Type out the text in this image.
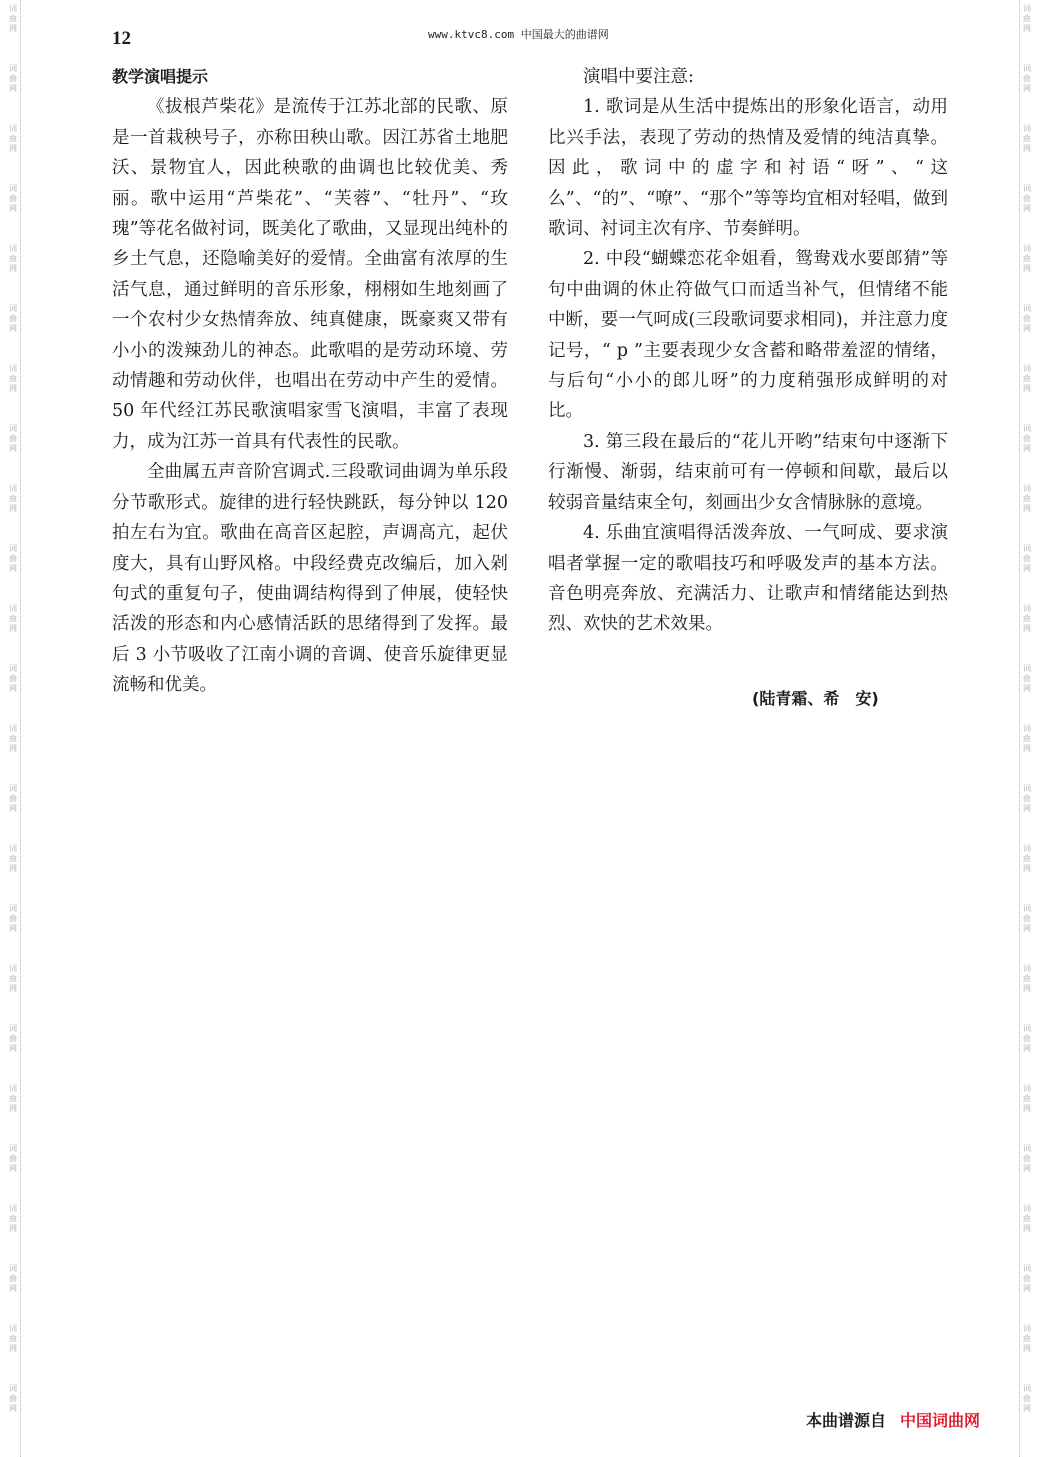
词曲网
词曲网
词曲网
词曲网
词曲网
词曲网
词曲网
词曲网
词曲网
词曲网
词曲网
词曲网
词曲网
词曲网
词曲网
词曲网
词曲网
词曲网
词曲网
词曲网
词曲网
词曲网
词曲网
词曲网
词曲网
词曲网
词曲网
词曲网
词曲网
词曲网
词曲网
词曲网
词曲网
词曲网
词曲网
词曲网
词曲网
词曲网
词曲网
词曲网
词曲网
词曲网
词曲网
词曲网
词曲网
词曲网
词曲网
词曲网
12	www.ktvc8.com 中国最大的曲谱网
教学演唱提示

《拔根芦柴花》是流传于江苏北部的民歌、原是一首栽秧号子，亦称田秧山歌。因江苏省土地肥沃、景物宜人，因此秧歌的曲调也比较优美、秀丽。歌中运用“芦柴花”、“芙蓉”、“牡丹”、“玫瑰”等花名做衬词，既美化了歌曲，又显现出纯朴的乡土气息，还隐喻美好的爱情。全曲富有浓厚的生活气息，通过鲜明的音乐形象，栩栩如生地刻画了一个农村少女热情奔放、纯真健康，既豪爽又带有小小的泼辣劲儿的神态。此歌唱的是劳动环境、劳动情趣和劳动伙伴，也唱出在劳动中产生的爱情。 50 年代经江苏民歌演唱家雪飞演唱，丰富了表现力，成为江苏一首具有代表性的民歌。

全曲属五声音阶宫调式.三段歌词曲调为单乐段分节歌形式。旋律的进行轻快跳跃，每分钟以 120 拍左右为宜。歌曲在高音区起腔，声调高亢，起伏度大，具有山野风格。中段经费克改编后，加入剁句式的重复句子，使曲调结构得到了伸展，使轻快活泼的形态和内心感情活跃的思绪得到了发挥。最后 3 小节吸收了江南小调的音调、使音乐旋律更显流畅和优美。

演唱中要注意:

1. 歌词是从生活中提炼出的形象化语言，动用比兴手法，表现了劳动的热情及爱情的纯洁真挚。因此，歌词中的虚字和衬语“呀”、“这么”、“的”、“嘹”、“那个”等等均宜相对轻唱，做到歌词、衬词主次有序、节奏鲜明。

2. 中段“蝴蝶恋花伞姐看，鸳鸯戏水要郎猜”等句中曲调的休止符做气口而适当补气，但情绪不能中断，要一气呵成(三段歌词要求相同)，并注意力度记号，“ p ”主要表现少女含蓄和略带羞涩的情绪，与后句“小小的郎儿呀”的力度稍强形成鲜明的对比。

3. 第三段在最后的“花儿开哟”结束句中逐渐下行渐慢、渐弱，结束前可有一停顿和间歇，最后以较弱音量结束全句，刻画出少女含情脉脉的意境。

4. 乐曲宜演唱得活泼奔放、一气呵成、要求演唱者掌握一定的歌唱技巧和呼吸发声的基本方法。音色明亮奔放、充满活力、让歌声和情绪能达到热烈、欢快的艺术效果。

(陆青霜、希　安)
本曲谱源自 中国词曲网
